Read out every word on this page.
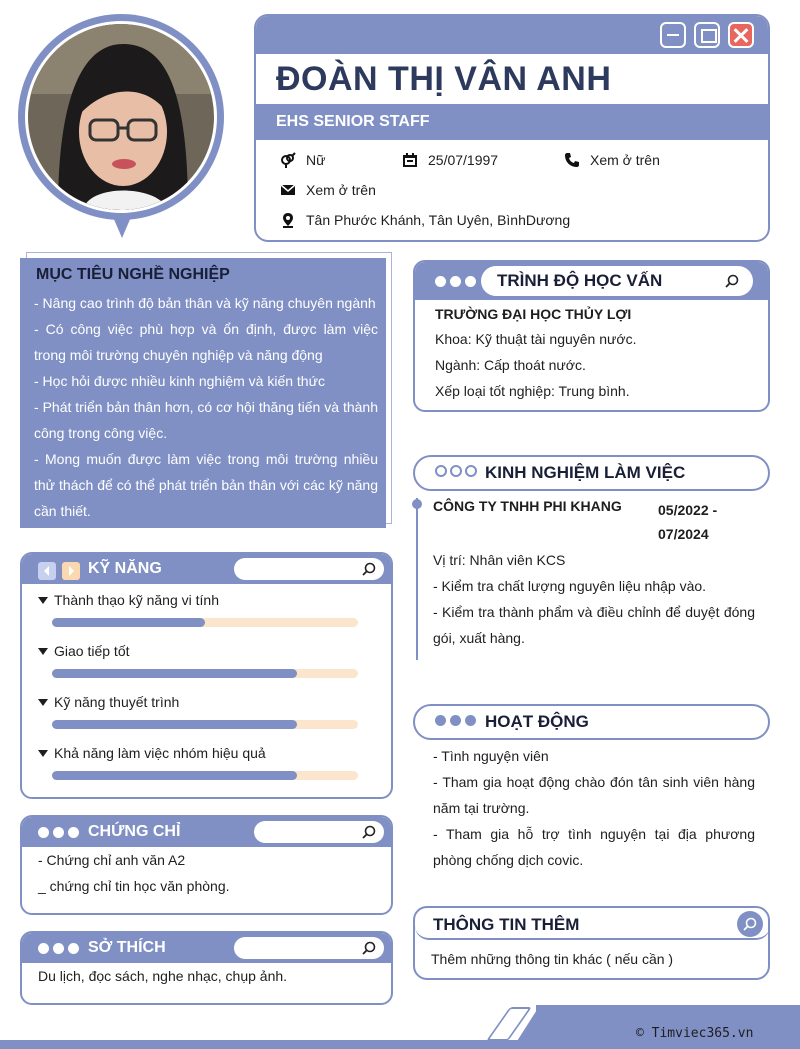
ĐOÀN THỊ VÂN ANH
EHS SENIOR STAFF
Nữ	25/07/1997	Xem ở trên
Xem ở trên
Tân Phước Khánh, Tân Uyên, BìnhDương
MỤC TIÊU NGHỀ NGHIỆP
- Nâng cao trình độ bản thân và kỹ năng chuyên ngành
- Có công việc phù hợp và ổn định, được làm việc trong môi trường chuyên nghiệp và năng động
- Học hỏi được nhiều kinh nghiệm và kiến thức
- Phát triển bản thân hơn, có cơ hội thăng tiến và thành công trong công việc.
- Mong muốn được làm việc trong môi trường nhiều thử thách để có thể phát triển bản thân với các kỹ năng cần thiết.
KỸ NĂNG
Thành thạo kỹ năng vi tính
Giao tiếp tốt
Kỹ năng thuyết trình
Khả năng làm việc nhóm hiệu quả
CHỨNG CHỈ
- Chứng chỉ anh văn A2
_ chứng chỉ tin học văn phòng.
SỞ THÍCH
Du lịch, đọc sách, nghe nhạc, chụp ảnh.
TRÌNH ĐỘ HỌC VẤN
TRƯỜNG ĐẠI HỌC THỦY LỢI
Khoa: Kỹ thuật tài nguyên nước.
Ngành: Cấp thoát nước.
Xếp loại tốt nghiệp: Trung bình.
KINH NGHIỆM LÀM VIỆC
CÔNG TY TNHH PHI KHANG	05/2022 -
07/2024
Vị trí: Nhân viên KCS
- Kiểm tra chất lượng nguyên liệu nhập vào.
- Kiểm tra thành phẩm và điều chỉnh để duyệt đóng gói, xuất hàng.
HOẠT ĐỘNG
- Tình nguyện viên
- Tham gia hoạt động chào đón tân sinh viên hàng năm tại trường.
- Tham gia hỗ trợ tình nguyện tại địa phương phòng chống dịch covic.
THÔNG TIN THÊM
Thêm những thông tin khác ( nếu cần )
© Timviec365.vn
